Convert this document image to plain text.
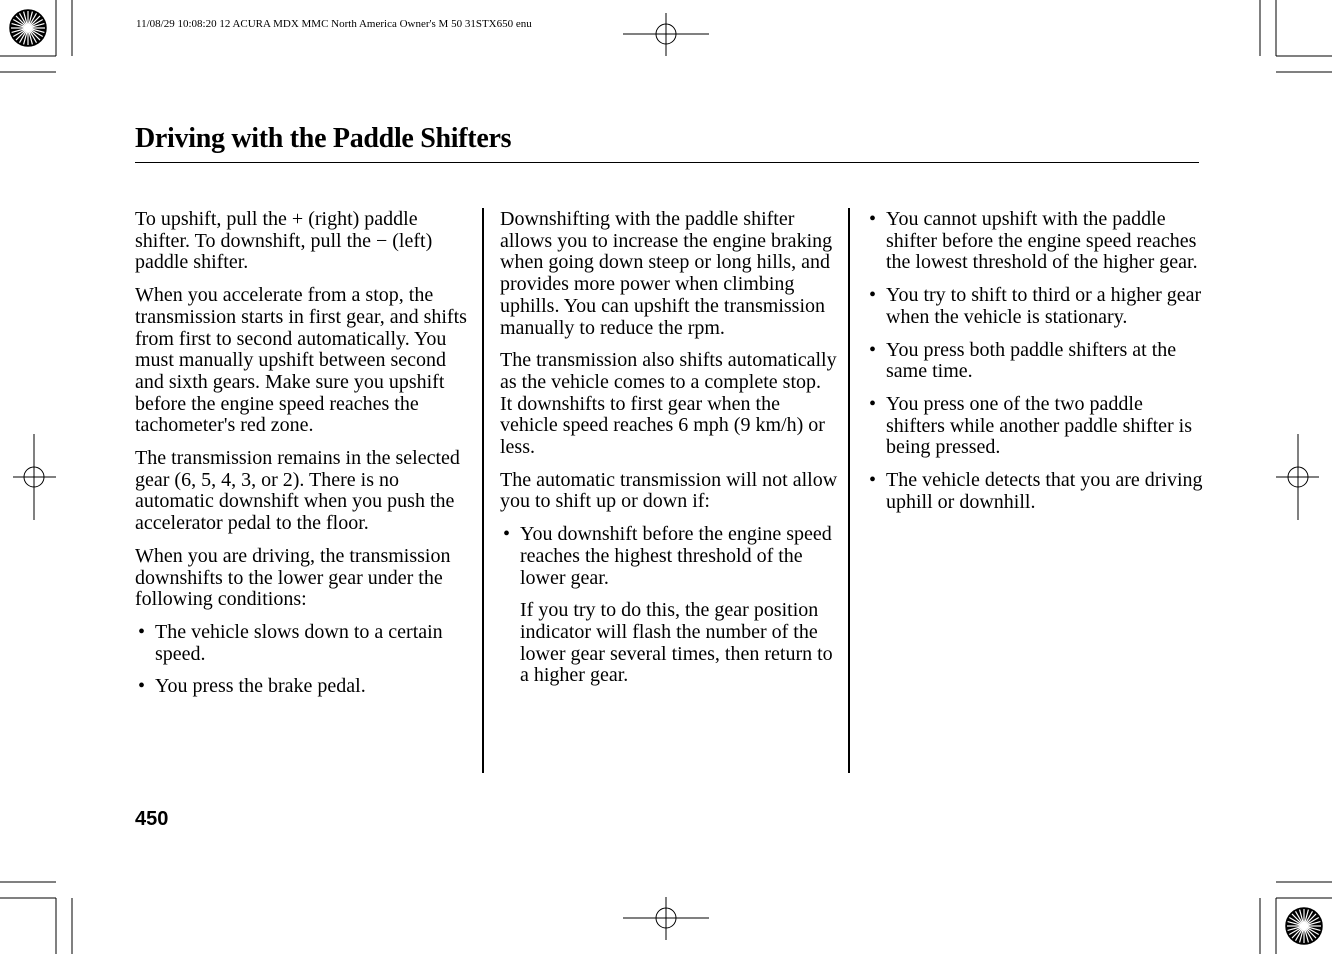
11/08/29 10:08:20 12 ACURA MDX MMC North America Owner's M 50 31STX650 enu
Driving with the Paddle Shifters

To upshift, pull the + (right) paddle shifter. To downshift, pull the − (left) paddle shifter.

When you accelerate from a stop, the transmission starts in first gear, and shifts from first to second automatically. You must manually upshift between second and sixth gears. Make sure you upshift before the engine speed reaches the tachometer's red zone.

The transmission remains in the selected gear (6, 5, 4, 3, or 2). There is no automatic downshift when you push the accelerator pedal to the floor.

When you are driving, the transmission downshifts to the lower gear under the following conditions:

• The vehicle slows down to a certain speed.
• You press the brake pedal.

Downshifting with the paddle shifter allows you to increase the engine braking when going down steep or long hills, and provides more power when climbing uphills. You can upshift the transmission manually to reduce the rpm.

The transmission also shifts automatically as the vehicle comes to a complete stop. It downshifts to first gear when the vehicle speed reaches 6 mph (9 km/h) or less.

The automatic transmission will not allow you to shift up or down if:

• You downshift before the engine speed reaches the highest threshold of the lower gear.

If you try to do this, the gear position indicator will flash the number of the lower gear several times, then return to a higher gear.

• You cannot upshift with the paddle shifter before the engine speed reaches the lowest threshold of the higher gear.
• You try to shift to third or a higher gear when the vehicle is stationary.
• You press both paddle shifters at the same time.
• You press one of the two paddle shifters while another paddle shifter is being pressed.
• The vehicle detects that you are driving uphill or downhill.
450
